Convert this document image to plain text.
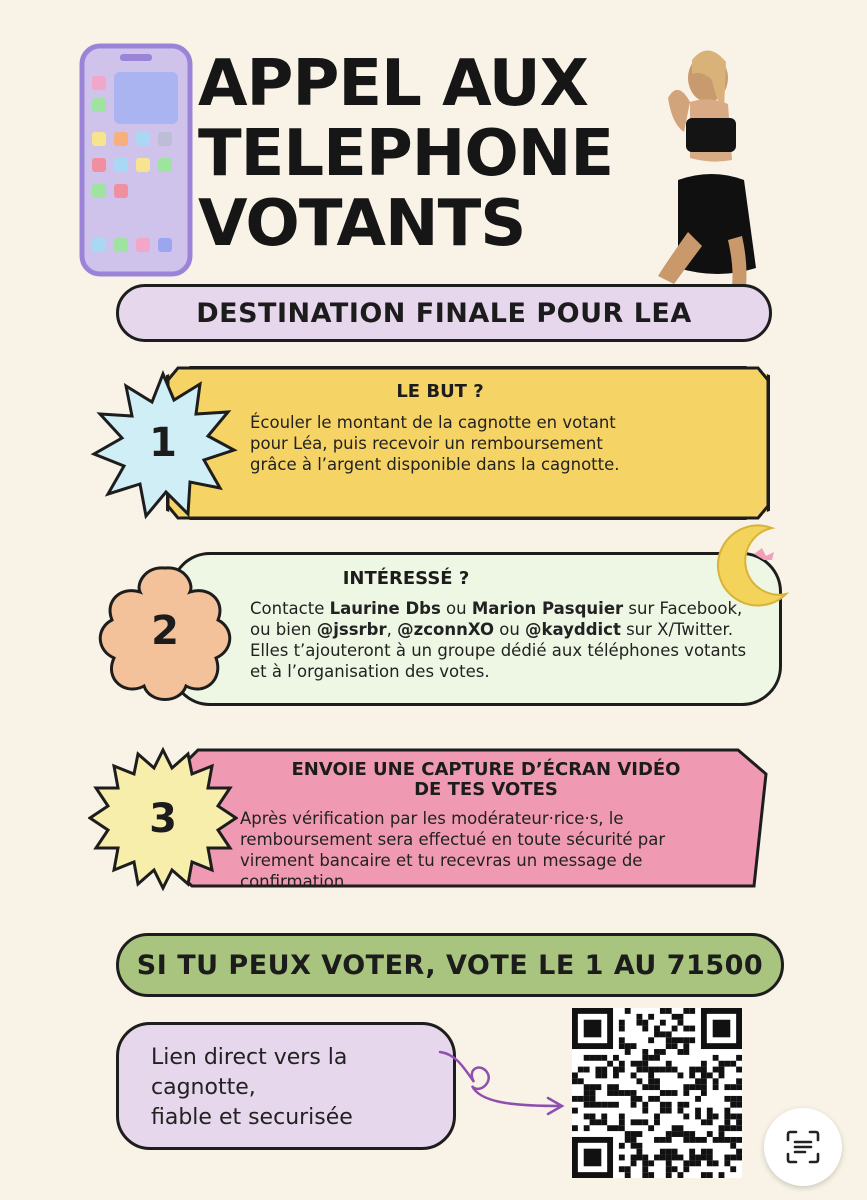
APPEL AUX
TELEPHONE
VOTANTS
DESTINATION FINALE POUR LEA
LE BUT ?
Écouler le montant de la cagnotte en votant pour Léa, puis recevoir un remboursement grâce à l’argent disponible dans la cagnotte.
1
INTÉRESSÉ ?
Contacte Laurine Dbs ou Marion Pasquier sur Facebook, ou bien @jssrbr, @zconnXO ou @kayddict sur X/Twitter. Elles t’ajouteront à un groupe dédié aux téléphones votants et à l’organisation des votes.
2
ENVOIE UNE CAPTURE D’ÉCRAN VIDÉO
DE TES VOTES
Après vérification par les modérateur·rice·s, le remboursement sera effectué en toute sécurité par virement bancaire et tu recevras un message de confirmation.
3
SI TU PEUX VOTER, VOTE LE 1 AU 71500
Lien direct vers la
cagnotte,
fiable et securisée
